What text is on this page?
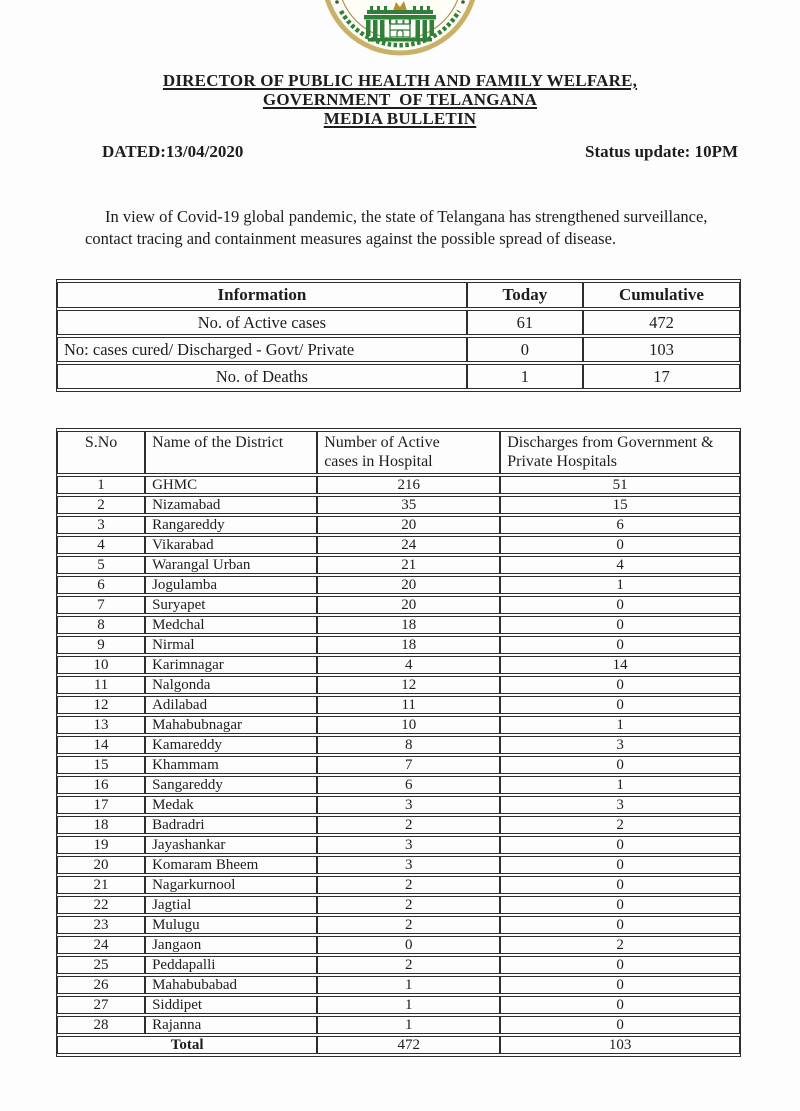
DIRECTOR OF PUBLIC HEALTH AND FAMILY WELFARE,
GOVERNMENT  OF TELANGANA
MEDIA BULLETIN
DATED:13/04/2020	Status update: 10PM

In view of Covid-19 global pandemic, the state of Telangana has strengthened surveillance, contact tracing and containment measures against the possible spread of disease.

Information	Today	Cumulative
No. of Active cases	61	472
No: cases cured/ Discharged - Govt/ Private	0	103
No. of Deaths	1	17
S.No	Name of the District	Number of Active cases in Hospital	Discharges from Government & Private Hospitals
1	GHMC	216	51
2	Nizamabad	35	15
3	Rangareddy	20	6
4	Vikarabad	24	0
5	Warangal Urban	21	4
6	Jogulamba	20	1
7	Suryapet	20	0
8	Medchal	18	0
9	Nirmal	18	0
10	Karimnagar	4	14
11	Nalgonda	12	0
12	Adilabad	11	0
13	Mahabubnagar	10	1
14	Kamareddy	8	3
15	Khammam	7	0
16	Sangareddy	6	1
17	Medak	3	3
18	Badradri	2	2
19	Jayashankar	3	0
20	Komaram Bheem	3	0
21	Nagarkurnool	2	0
22	Jagtial	2	0
23	Mulugu	2	0
24	Jangaon	0	2
25	Peddapalli	2	0
26	Mahabubabad	1	0
27	Siddipet	1	0
28	Rajanna	1	0
Total		472	103
